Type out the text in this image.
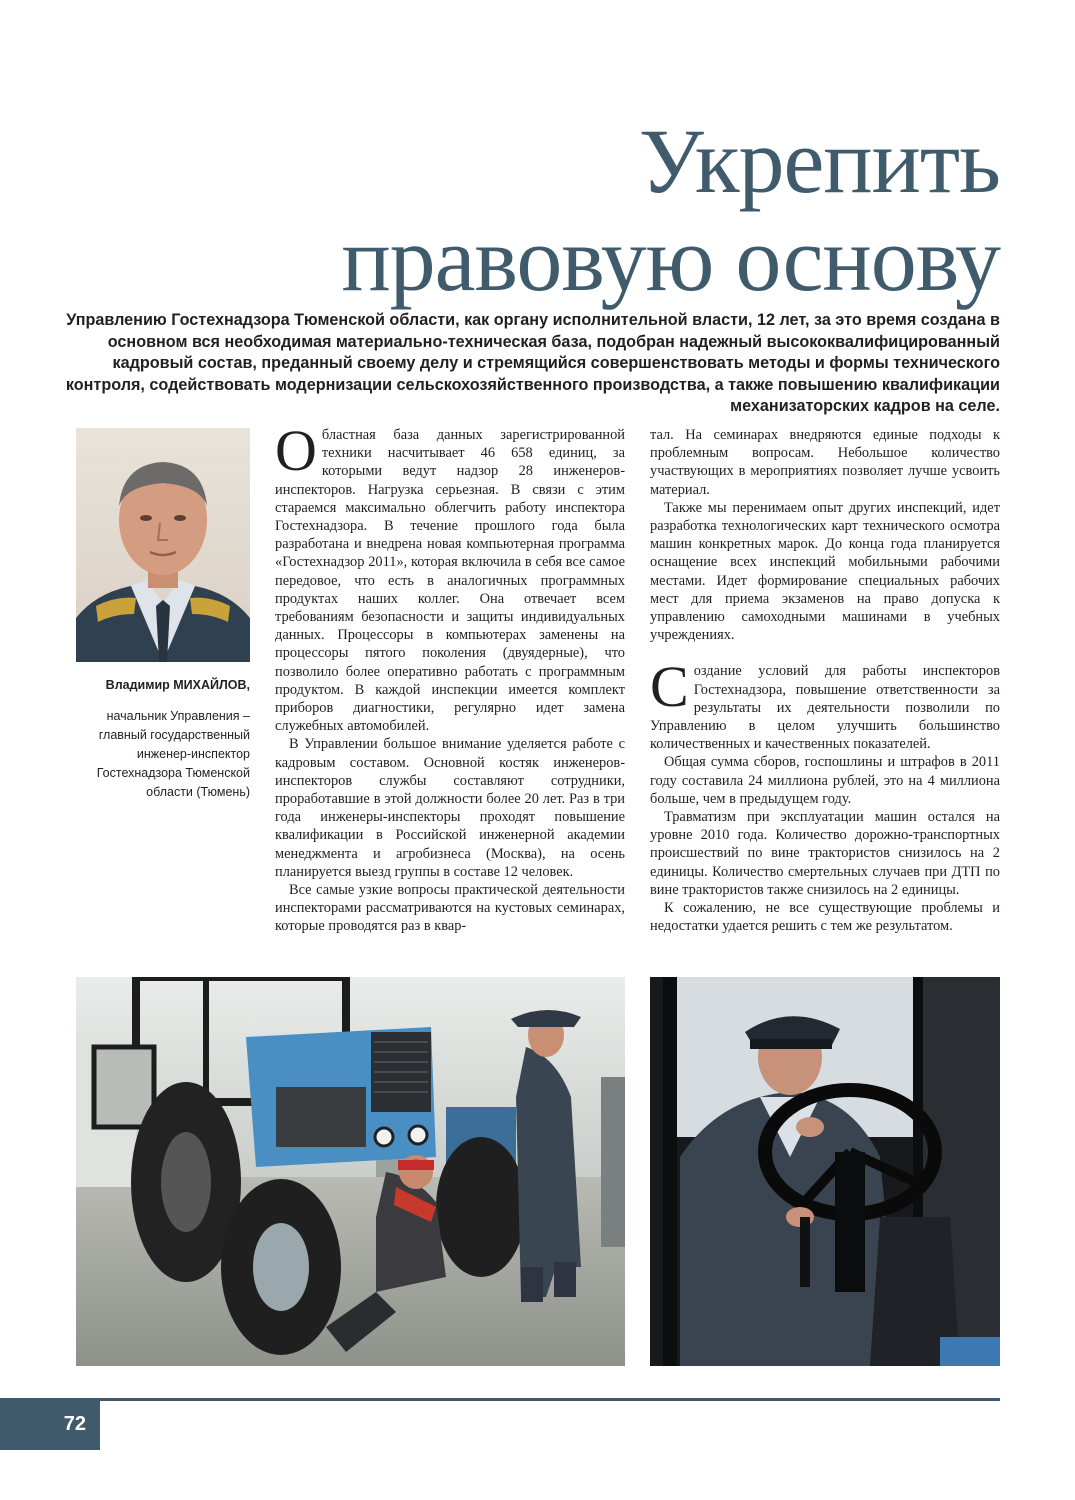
Укрепить
правовую основу

Управлению Гостехнадзора Тюменской области, как органу исполнительной власти, 12 лет, за это время создана в основном вся необходимая материально-техническая база, подобран надежный высококвалифицированный кадровый состав, преданный своему делу и стремящийся совершенствовать методы и формы технического контроля, содействовать модернизации сельскохозяйственного производства, а также повышению квалификации механизаторских кадров на селе.

Владимир МИХАЙЛОВ,

начальник Управления – главный государственный инженер-инспектор Гостехнадзора Тюменской области (Тюмень)

Областная база данных зарегистрированной техники насчитывает 46 658 единиц, за которыми ведут надзор 28 инженеров-инспекторов. Нагрузка серьезная. В связи с этим стараемся максимально облегчить работу инспектора Гостехнадзора. В течение прошлого года была разработана и внедрена новая компьютерная программа «Гостехнадзор 2011», которая включила в себя все самое передовое, что есть в аналогичных программных продуктах наших коллег. Она отвечает всем требованиям безопасности и защиты индивидуальных данных. Процессоры в компьютерах заменены на процессоры пятого поколения (двуядерные), что позволило более оперативно работать с программным продуктом. В каждой инспекции имеется комплект приборов диагностики, регулярно идет замена служебных автомобилей.

В Управлении большое внимание уделяется работе с кадровым составом. Основной костяк инженеров-инспекторов службы составляют сотрудники, проработавшие в этой должности более 20 лет. Раз в три года инженеры-инспекторы проходят повышение квалификации в Российской инженерной академии менеджмента и агробизнеса (Москва), на осень планируется выезд группы в составе 12 человек.

Все самые узкие вопросы практической деятельности инспекторами рассматриваются на кустовых семинарах, которые проводятся раз в квар-

тал. На семинарах внедряются единые подходы к проблемным вопросам. Небольшое количество участвующих в мероприятиях позволяет лучше усвоить материал.

Также мы перенимаем опыт других инспекций, идет разработка технологических карт технического осмотра машин конкретных марок. До конца года планируется оснащение всех инспекций мобильными рабочими местами. Идет формирование специальных рабочих мест для приема экзаменов на право допуска к управлению самоходными машинами в учебных учреждениях.

Создание условий для работы инспекторов Гостехнадзора, повышение ответственности за результаты их деятельности позволили по Управлению в целом улучшить большинство количественных и качественных показателей.

Общая сумма сборов, госпошлины и штрафов в 2011 году составила 24 миллиона рублей, это на 4 миллиона больше, чем в предыдущем году.

Травматизм при эксплуатации машин остался на уровне 2010 года. Количество дорожно-транспортных происшествий по вине трактористов снизилось на 2 единицы. Количество смертельных случаев при ДТП по вине трактористов также снизилось на 2 единицы.

К сожалению, не все существующие проблемы и недостатки удается решить с тем же результатом.

72
